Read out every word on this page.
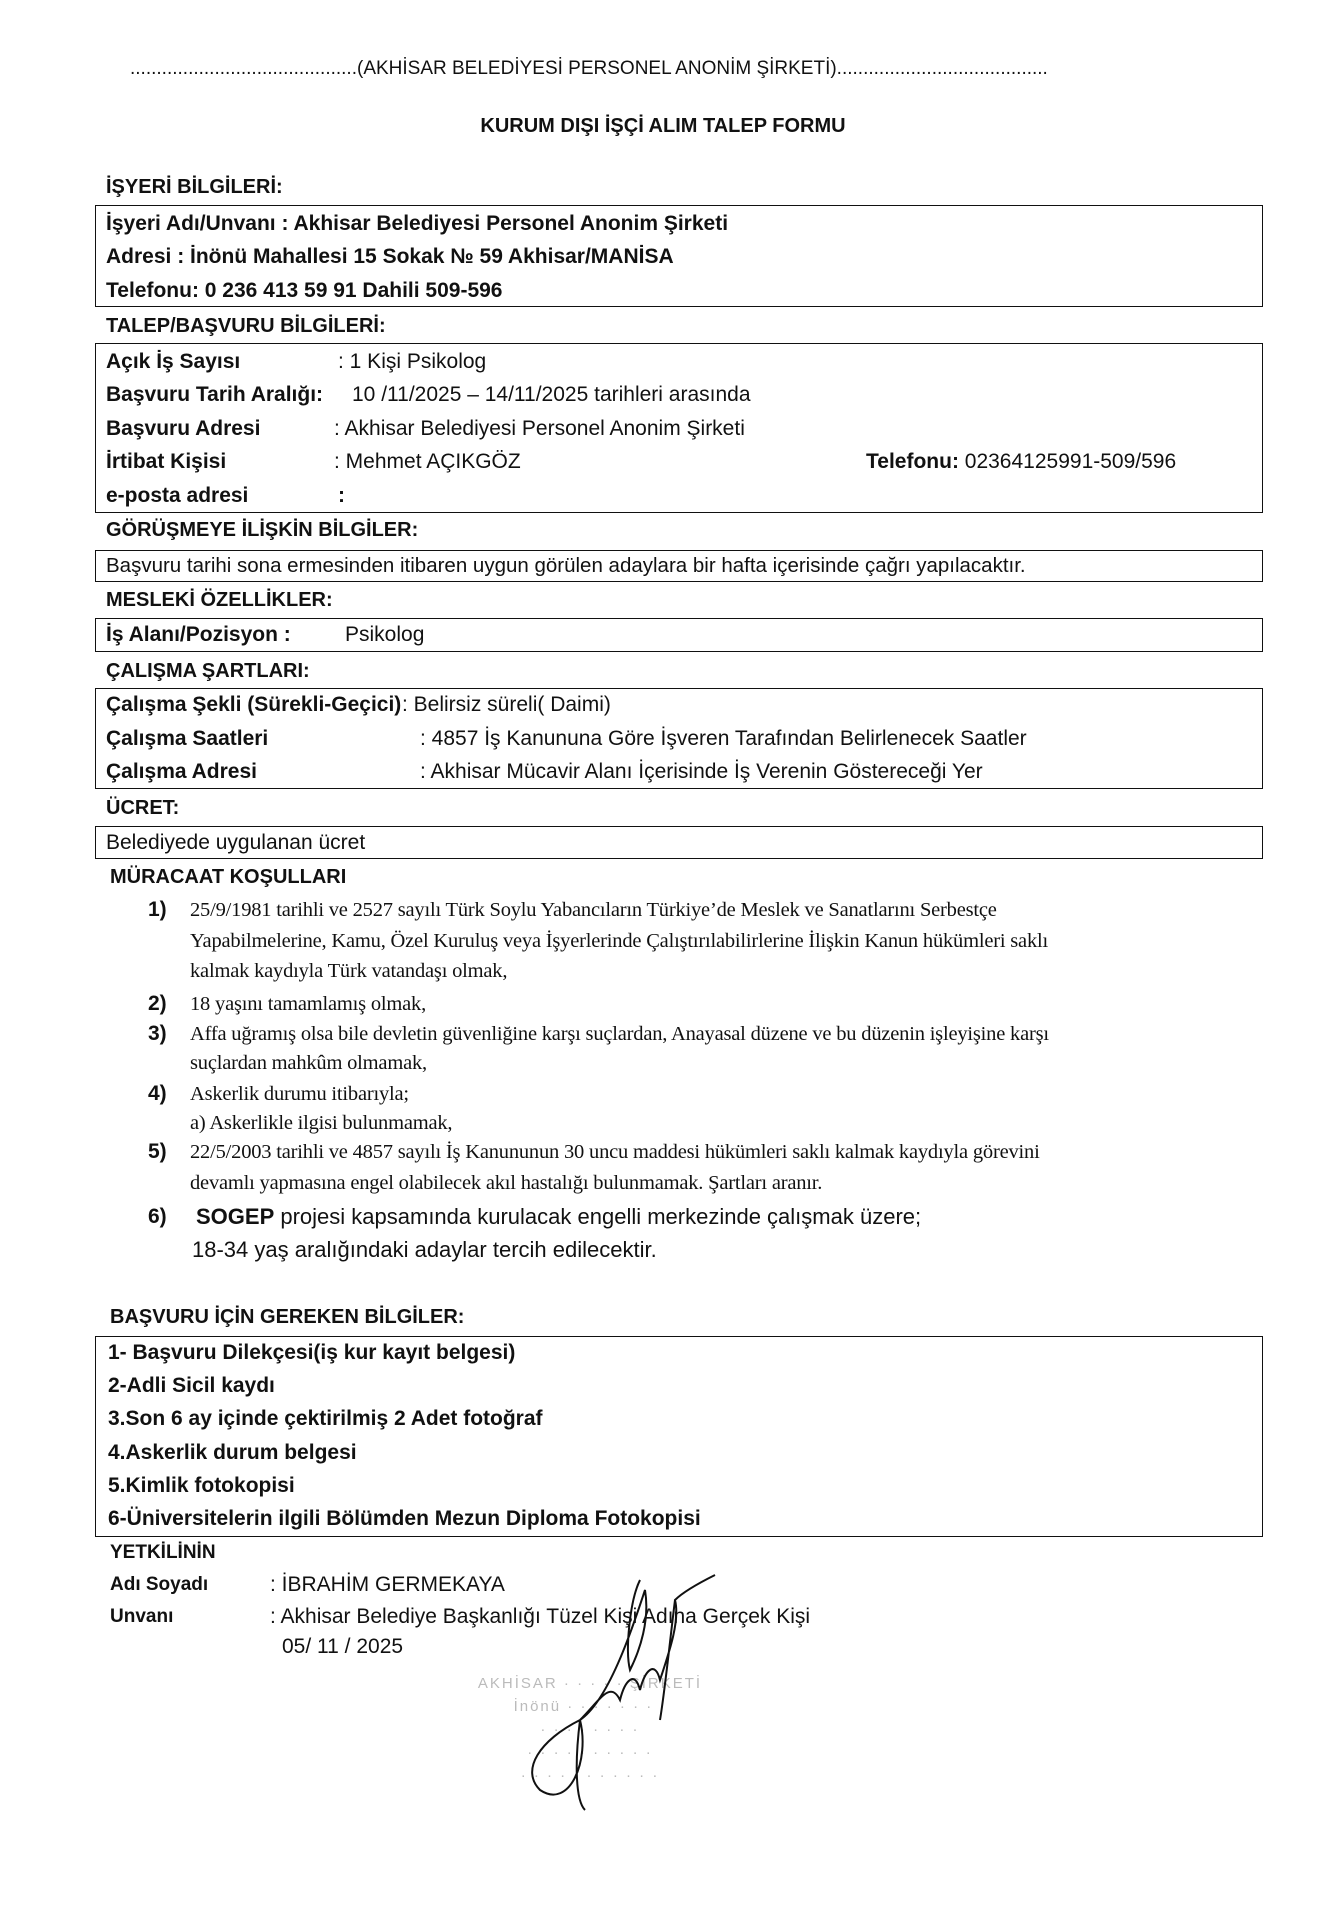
...........................................(AKHİSAR BELEDİYESİ PERSONEL ANONİM ŞİRKETİ)........................................
KURUM DIŞI İŞÇİ ALIM TALEP FORMU
İŞYERİ BİLGİLERİ:
İşyeri Adı/Unvanı : Akhisar Belediyesi Personel Anonim Şirketi
Adresi : İnönü Mahallesi 15 Sokak № 59 Akhisar/MANİSA
Telefonu: 0 236 413 59 91 Dahili 509-596
TALEP/BAŞVURU BİLGİLERİ:
Açık İş Sayısı	: 1 Kişi Psikolog
Başvuru Tarih Aralığı: 10 /11/2025 – 14/11/2025 tarihleri arasında
Başvuru Adresi	: Akhisar Belediyesi Personel Anonim Şirketi
İrtibat Kişisi	: Mehmet AÇIKGÖZ	Telefonu: 02364125991-509/596
e-posta adresi	:
GÖRÜŞMEYE İLİŞKİN BİLGİLER:
Başvuru tarihi sona ermesinden itibaren uygun görülen adaylara bir hafta içerisinde çağrı yapılacaktır.
MESLEKİ ÖZELLİKLER:
İş Alanı/Pozisyon :	Psikolog
ÇALIŞMA ŞARTLARI:
Çalışma Şekli (Sürekli-Geçici) : Belirsiz süreli( Daimi)
Çalışma Saatleri	: 4857 İş Kanununa Göre İşveren Tarafından Belirlenecek Saatler
Çalışma Adresi	: Akhisar Mücavir Alanı İçerisinde İş Verenin Göstereceği Yer
ÜCRET:
Belediyede uygulanan ücret
MÜRACAAT KOŞULLARI
1) 25/9/1981 tarihli ve 2527 sayılı Türk Soylu Yabancıların Türkiye’de Meslek ve Sanatlarını Serbestçe
Yapabilmelerine, Kamu, Özel Kuruluş veya İşyerlerinde Çalıştırılabilirlerine İlişkin Kanun hükümleri saklı
kalmak kaydıyla Türk vatandaşı olmak,
2) 18 yaşını tamamlamış olmak,
3) Affa uğramış olsa bile devletin güvenliğine karşı suçlardan, Anayasal düzene ve bu düzenin işleyişine karşı
suçlardan mahkûm olmamak,
4) Askerlik durumu itibarıyla;
a) Askerlikle ilgisi bulunmamak,
5) 22/5/2003 tarihli ve 4857 sayılı İş Kanununun 30 uncu maddesi hükümleri saklı kalmak kaydıyla görevini
devamlı yapmasına engel olabilecek akıl hastalığı bulunmamak. Şartları aranır.
6) SOGEP projesi kapsamında kurulacak engelli merkezinde çalışmak üzere;
18-34 yaş aralığındaki adaylar tercih edilecektir.
BAŞVURU İÇİN GEREKEN BİLGİLER:
1- Başvuru Dilekçesi(iş kur kayıt belgesi)
2-Adli Sicil kaydı
3.Son 6 ay içinde çektirilmiş 2 Adet fotoğraf
4.Askerlik durum belgesi
5.Kimlik fotokopisi
6-Üniversitelerin ilgili Bölümden Mezun Diploma Fotokopisi
YETKİLİNİN
Adı Soyadı	: İBRAHİM GERMEKAYA
Unvanı	: Akhisar Belediye Başkanlığı Tüzel Kişi Adına Gerçek Kişi
05/ 11 / 2025
AKHİSAR · · · · · ŞİRKETİ
İnönü · · · · · · · ·
· · · · · · · ·
· · · · · · · · · ·
· · · · · · · · · · ·
